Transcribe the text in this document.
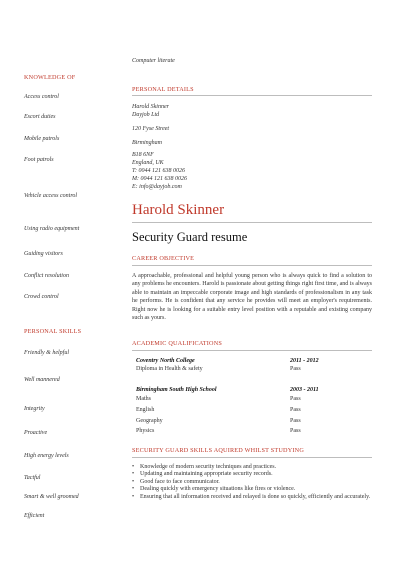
KNOWLEDGE OF
Access control
Escort duties
Mobile patrols
Foot patrols
Vehicle access control
Using radio equipment
Guiding visitors
Conflict resolution
Crowd control
PERSONAL SKILLS
Friendly & helpful
Well mannered
Integrity
Proactive
High energy levels
Tactful
Smart & well groomed
Efficient
Computer literate
PERSONAL DETAILS
Harold Skinner
Dayjob Ltd
120 Fyse Street
Birmingham
B18 6NF
England, UK
T: 0044 121 638 0026
M: 0044 121 638 0026
E: info@dayjob.com
Harold Skinner
Security Guard resume
CAREER OBJECTIVE
A approachable, professional and helpful young person who is always quick to find a solution to any problems he encounters. Harold is passionate about getting things right first time, and is always able to maintain an impeccable corporate image and high standards of professionalism in any task he performs. He is confident that any service he provides will meet an employer's requirements. Right now he is looking for a suitable entry level position with a reputable and existing company such as yours.
ACADEMIC QUALIFICATIONS
Coventry North College	2011 - 2012
Diploma in Health & safety	Pass
Birmingham South High School	2003 - 2011
Maths	Pass
English	Pass
Geography	Pass
Physics	Pass
SECURITY GUARD SKILLS AQUIRED WHILST STUDYING
• Knowledge of modern security techniques and practices.
• Updating and maintaining appropriate security records.
• Good face to face communicator.
• Dealing quickly with emergency situations like fires or violence.
• Ensuring that all information received and relayed is done so quickly, efficiently and accurately.
